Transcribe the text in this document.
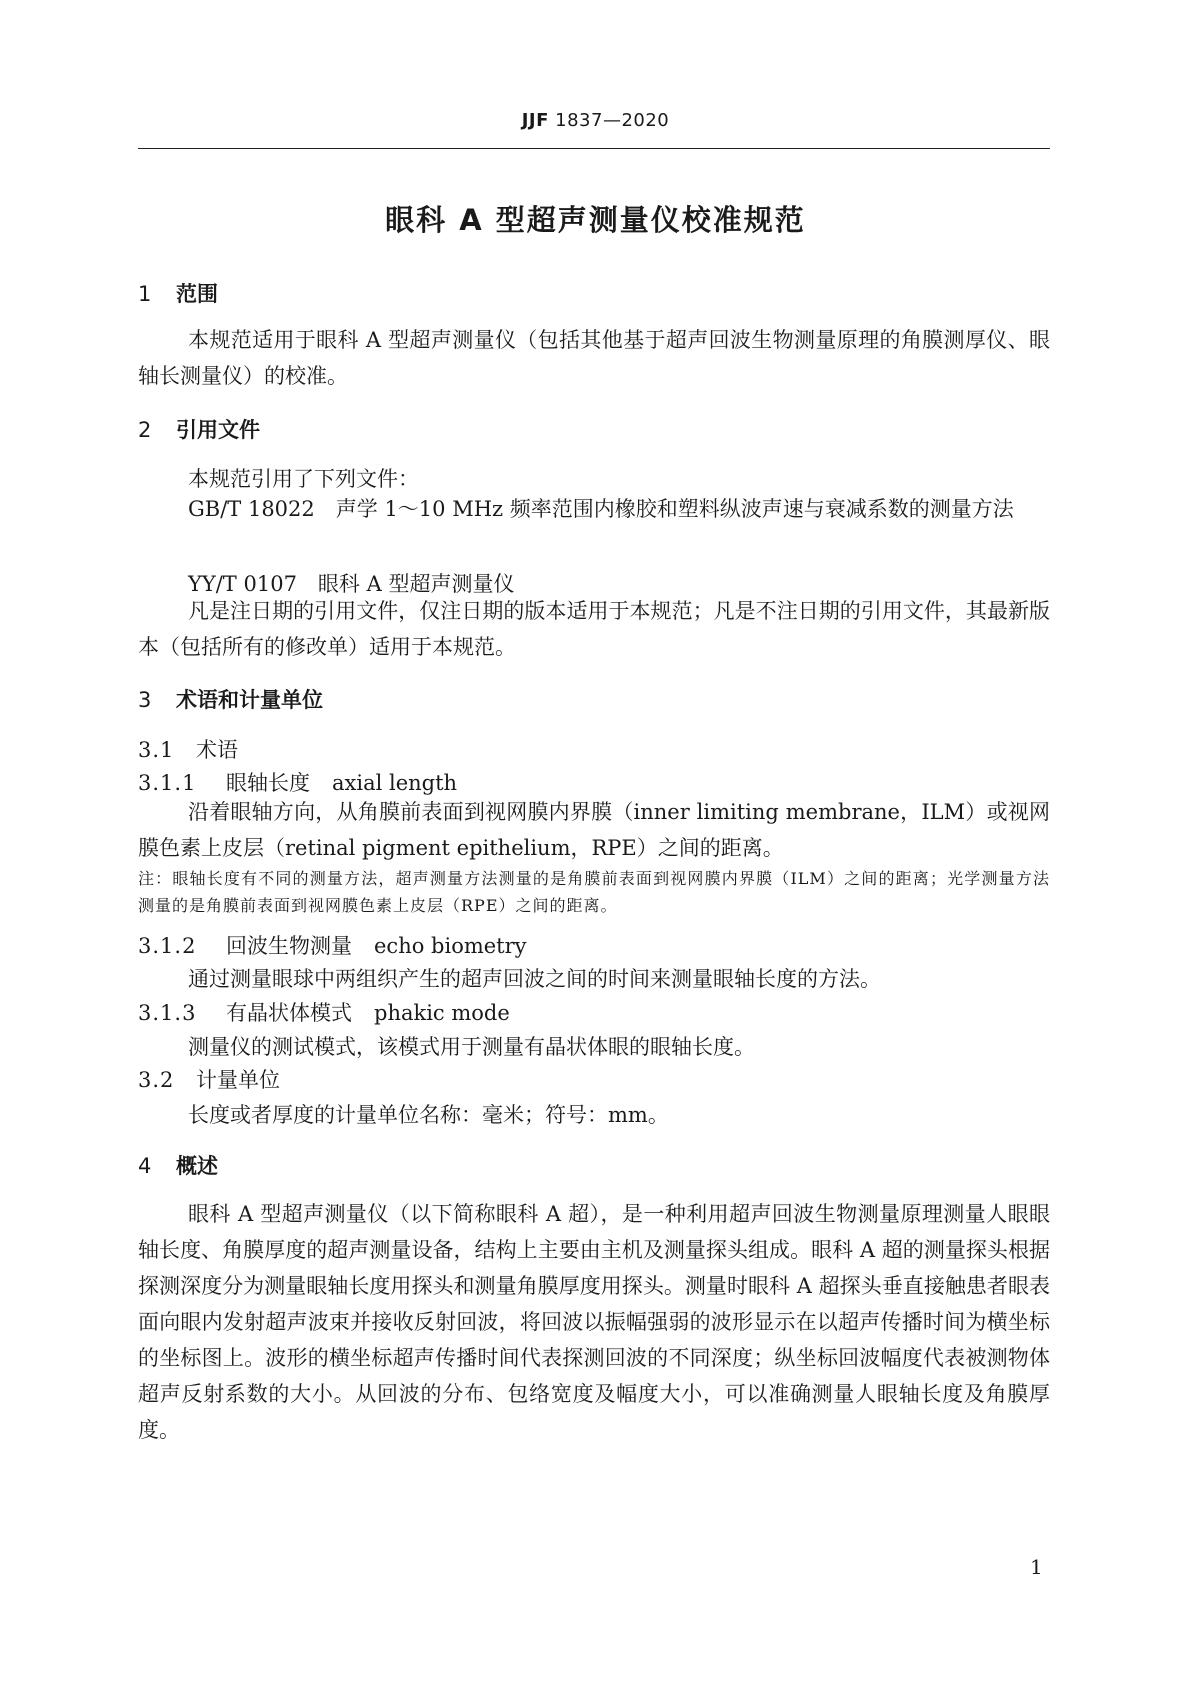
JJF 1837—2020
眼科 A 型超声测量仪校准规范
1 范围
本规范适用于眼科 A 型超声测量仪（包括其他基于超声回波生物测量原理的角膜测厚仪、眼轴长测量仪）的校准。
2 引用文件
本规范引用了下列文件：
GB/T 18022　声学 1～10 MHz 频率范围内橡胶和塑料纵波声速与衰减系数的测量方法
YY/T 0107　眼科 A 型超声测量仪
凡是注日期的引用文件，仅注日期的版本适用于本规范；凡是不注日期的引用文件，其最新版本（包括所有的修改单）适用于本规范。
3 术语和计量单位
3.1 术语
3.1.1 眼轴长度 axial length
沿着眼轴方向，从角膜前表面到视网膜内界膜（inner limiting membrane，ILM）或视网膜色素上皮层（retinal pigment epithelium，RPE）之间的距离。
注：眼轴长度有不同的测量方法，超声测量方法测量的是角膜前表面到视网膜内界膜（ILM）之间的距离；光学测量方法测量的是角膜前表面到视网膜色素上皮层（RPE）之间的距离。
3.1.2 回波生物测量 echo biometry
通过测量眼球中两组织产生的超声回波之间的时间来测量眼轴长度的方法。
3.1.3 有晶状体模式 phakic mode
测量仪的测试模式，该模式用于测量有晶状体眼的眼轴长度。
3.2 计量单位
长度或者厚度的计量单位名称：毫米；符号：mm。
4 概述
眼科 A 型超声测量仪（以下简称眼科 A 超），是一种利用超声回波生物测量原理测量人眼眼轴长度、角膜厚度的超声测量设备，结构上主要由主机及测量探头组成。眼科 A 超的测量探头根据探测深度分为测量眼轴长度用探头和测量角膜厚度用探头。测量时眼科 A 超探头垂直接触患者眼表面向眼内发射超声波束并接收反射回波，将回波以振幅强弱的波形显示在以超声传播时间为横坐标的坐标图上。波形的横坐标超声传播时间代表探测回波的不同深度；纵坐标回波幅度代表被测物体超声反射系数的大小。从回波的分布、包络宽度及幅度大小，可以准确测量人眼轴长度及角膜厚度。
1
